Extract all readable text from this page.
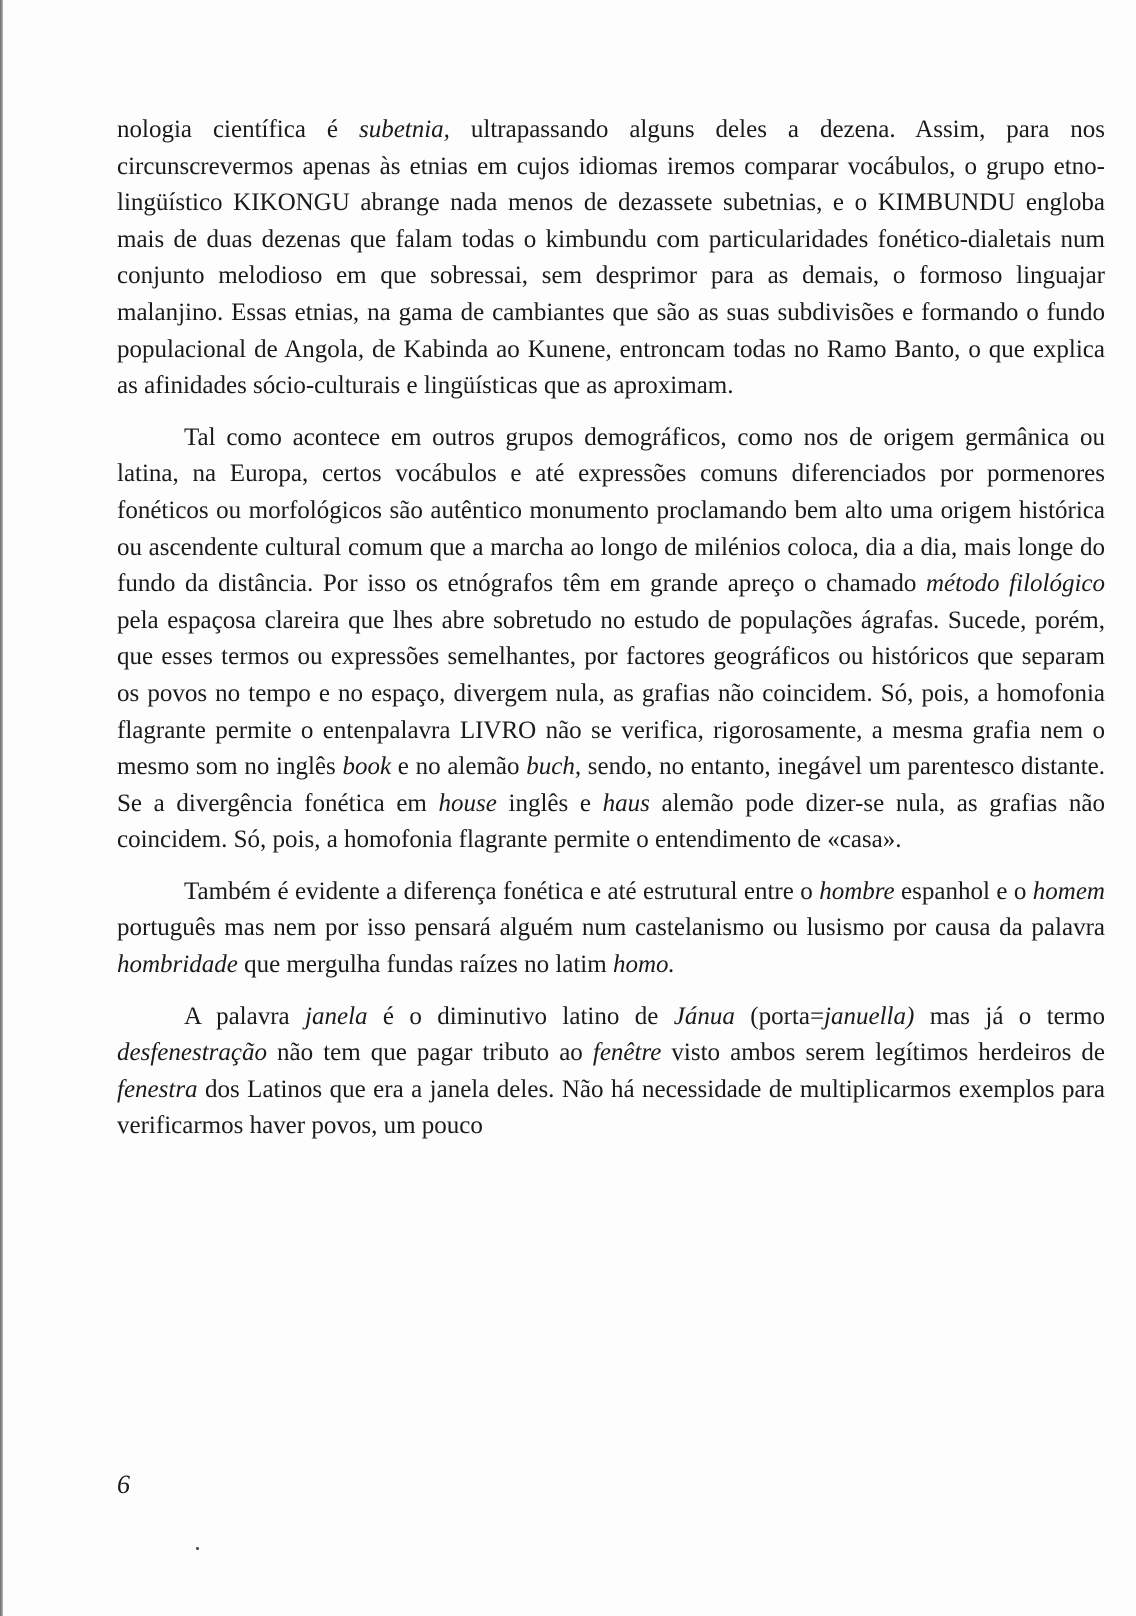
nologia científica é subetnia, ultrapassando alguns deles a dezena. Assim, para nos circunscrevermos apenas às etnias em cujos idiomas iremos comparar vocábulos, o grupo etno-lingüístico KIKONGU abrange nada menos de dezassete subetnias, e o KIMBUNDU engloba mais de duas dezenas que falam todas o kimbundu com particularidades fonético-dialetais num conjunto melodioso em que sobressai, sem desprimor para as demais, o formoso linguajar malanjino. Essas etnias, na gama de cambiantes que são as suas subdivisões e formando o fundo populacional de Angola, de Kabinda ao Kunene, entroncam todas no Ramo Banto, o que explica as afinidades sócio-culturais e lingüísticas que as aproximam.

Tal como acontece em outros grupos demográficos, como nos de origem germânica ou latina, na Europa, certos vocábulos e até expressões comuns diferenciados por pormenores fonéticos ou morfológicos são autêntico monumento proclamando bem alto uma origem histórica ou ascendente cultural comum que a marcha ao longo de milénios coloca, dia a dia, mais longe do fundo da distância. Por isso os etnógrafos têm em grande apreço o chamado método filológico pela espaçosa clareira que lhes abre sobretudo no estudo de populações ágrafas. Sucede, porém, que esses termos ou expressões semelhantes, por factores geográficos ou históricos que separam os povos no tempo e no espaço, divergem nula, as grafias não coincidem. Só, pois, a homofonia flagrante permite o entenpalavra LIVRO não se verifica, rigorosamente, a mesma grafia nem o mesmo som no inglês book e no alemão buch, sendo, no entanto, inegável um parentesco distante. Se a divergência fonética em house inglês e haus alemão pode dizer-se nula, as grafias não coincidem. Só, pois, a homofonia flagrante permite o entendimento de «casa».

Também é evidente a diferença fonética e até estrutural entre o hombre espanhol e o homem português mas nem por isso pensará alguém num castelanismo ou lusismo por causa da palavra hombridade que mergulha fundas raízes no latim homo.

A palavra janela é o diminutivo latino de Jánua (porta=januella) mas já o termo desfenestração não tem que pagar tributo ao fenêtre visto ambos serem legítimos herdeiros de fenestra dos Latinos que era a janela deles. Não há necessidade de multiplicarmos exemplos para verificarmos haver povos, um pouco

6
